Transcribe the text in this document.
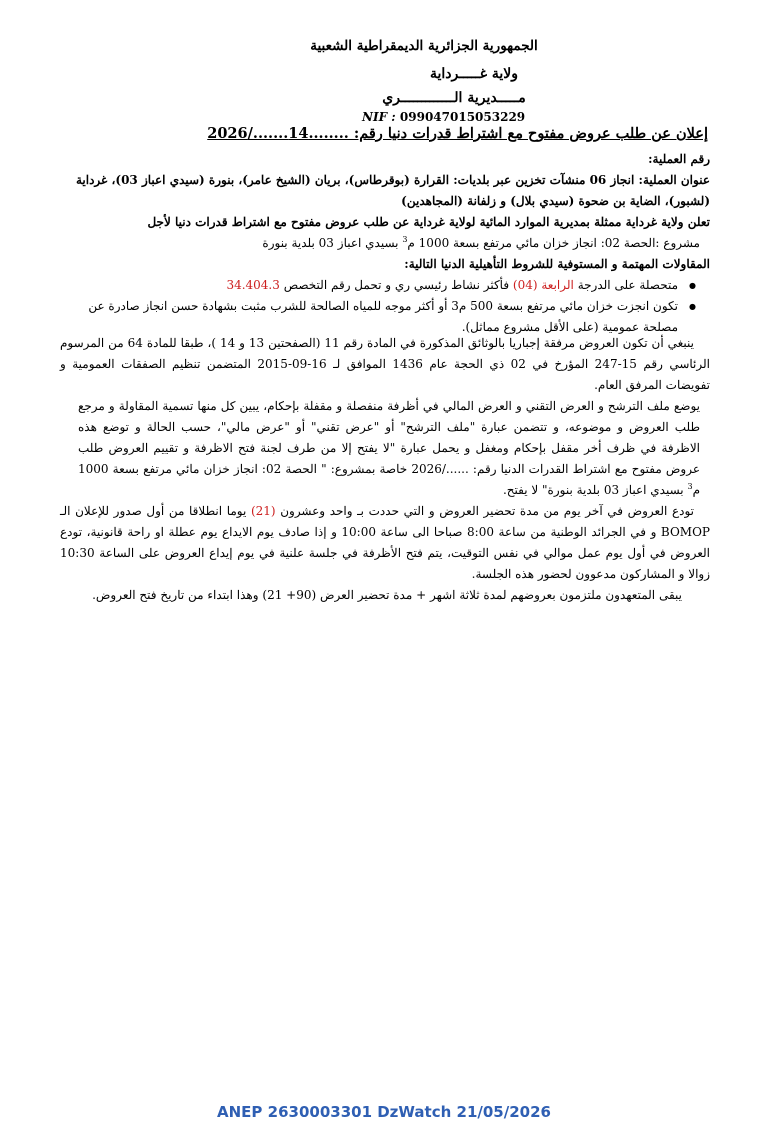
الجمهورية الجزائرية الديمقراطية الشعبية
ولاية غـــــرداية
مـــــديرية الـــــــــــــري
NIF : 099047015053229
إعلان عن طلب عروض مفتوح مع اشتراط قدرات دنيا رقم: ........14......./2026
رقم العملية:
عنوان العملية: انجاز 06 منشآت تخزين عبر بلديات: القرارة (بوقرطاس)، بريان (الشيخ عامر)، بنورة (سيدي اعباز 03)، غرداية (لشبور)، الضاية بن ضحوة (سيدي بلال) و زلفانة (المجاهدين)
تعلن ولاية غرداية ممثلة بمديرية الموارد المائية لولاية غرداية عن طلب عروض مفتوح مع اشتراط قدرات دنيا لأجل
مشروع :الحصة 02: انجاز خزان مائي مرتفع بسعة 1000 م$^3$ بسيدي اعباز 03 بلدية بنورة
المقاولات المهتمة و المستوفية للشروط التأهيلية الدنيا التالية:
● متحصلة على الدرجة الرابعة (04) فأكثر نشاط رئيسي ري و تحمل رقم التخصص 34.404.3
● تكون انجزت خزان مائي مرتفع بسعة 500 م3 أو أكثر موجه للمياه الصالحة للشرب مثبت بشهادة حسن انجاز صادرة عن مصلحة عمومية (على الأقل مشروع مماثل).

ينبغي أن تكون العروض مرفقة إجباريا بالوثائق المذكورة في المادة رقم 11 (الصفحتين 13 و 14 )، طبقا للمادة 64 من المرسوم الرئاسي رقم 15-247 المؤرخ في 02 ذي الحجة عام 1436 الموافق لـ 16-09-2015 المتضمن تنظيم الصفقات العمومية و تفويضات المرفق العام.

يوضع ملف الترشح و العرض التقني و العرض المالي في أظرفة منفصلة و مقفلة بإحكام، يبين كل منها تسمية المقاولة و مرجع طلب العروض و موضوعه، و تتضمن عبارة "ملف الترشح" أو "عرض تقني" أو "عرض مالي"، حسب الحالة و توضع هذه الاظرفة في ظرف أخر مقفل بإحكام ومغفل و يحمل عبارة "لا يفتح إلا من طرف لجنة فتح الاظرفة و تقييم العروض طلب عروض مفتوح مع اشتراط القدرات الدنيا رقم: ....../2026 خاصة بمشروع: " الحصة 02: انجاز خزان مائي مرتفع بسعة 1000 م$^3$ بسيدي اعباز 03 بلدية بنورة" لا يفتح.

تودع العروض في آخر يوم من مدة تحضير العروض و التي حددت بـ واحد وعشرون (21) يوما انطلاقا من أول صدور للإعلان الـ BOMOP و في الجرائد الوطنية من ساعة 8:00 صباحا الى ساعة 10:00 و إذا صادف يوم الايداع يوم عطلة او راحة قانونية، تودع العروض في أول يوم عمل موالي في نفس التوقيت، يتم فتح الأظرفة في جلسة علنية في يوم إيداع العروض على الساعة 10:30 زوالا و المشاركون مدعوون لحضور هذه الجلسة.

يبقى المتعهدون ملتزمون بعروضهم لمدة ثلاثة اشهر + مدة تحضير العرض (90+ 21) وهذا ابتداء من تاريخ فتح العروض.

ANEP 2630003301 DzWatch 21/05/2026
